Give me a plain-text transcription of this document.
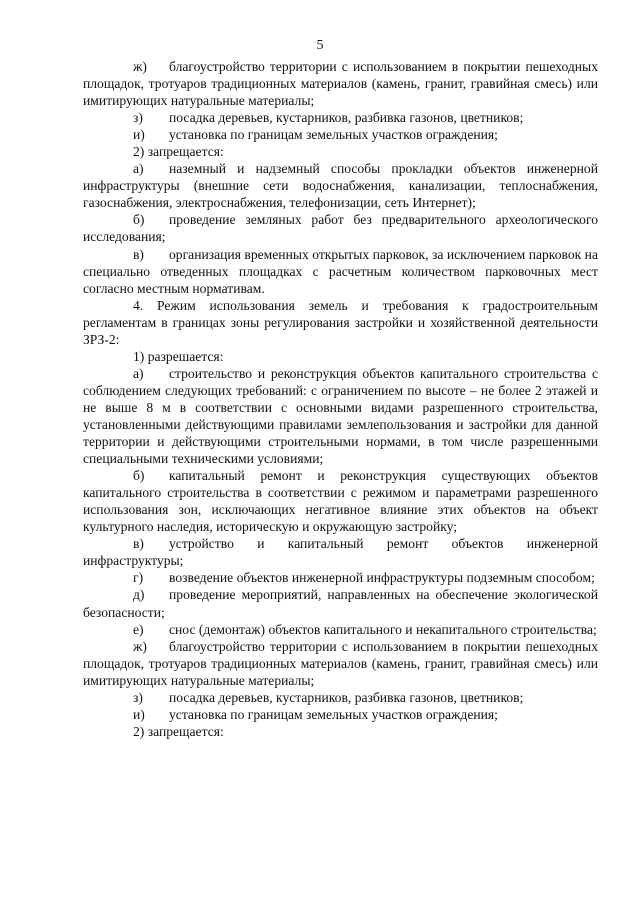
5

ж) благоустройство территории с использованием в покрытии пешеходных площадок, тротуаров традиционных материалов (камень, гранит, гравийная смесь) или имитирующих натуральные материалы;

з) посадка деревьев, кустарников, разбивка газонов, цветников;

и) установка по границам земельных участков ограждения;

2) запрещается:

а) наземный и надземный способы прокладки объектов инженерной инфраструктуры (внешние сети водоснабжения, канализации, теплоснабжения, газоснабжения, электроснабжения, телефонизации, сеть Интернет);

б) проведение земляных работ без предварительного археологического исследования;

в) организация временных открытых парковок, за исключением парковок на специально отведенных площадках с расчетным количеством парковочных мест согласно местным нормативам.

4. Режим использования земель и требования к градостроительным регламентам в границах зоны регулирования застройки и хозяйственной деятельности ЗРЗ-2:

1) разрешается:

а) строительство и реконструкция объектов капитального строительства с соблюдением следующих требований: с ограничением по высоте – не более 2 этажей и не выше 8 м в соответствии с основными видами разрешенного строительства, установленными действующими правилами землепользования и застройки для данной территории и действующими строительными нормами, в том числе разрешенными специальными техническими условиями;

б) капитальный ремонт и реконструкция существующих объектов капитального строительства в соответствии с режимом и параметрами разрешенного использования зон, исключающих негативное влияние этих объектов на объект культурного наследия, историческую и окружающую застройку;

в) устройство и капитальный ремонт объектов инженерной инфраструктуры;

г) возведение объектов инженерной инфраструктуры подземным способом;

д) проведение мероприятий, направленных на обеспечение экологической безопасности;

е) снос (демонтаж) объектов капитального и некапитального строительства;

ж) благоустройство территории с использованием в покрытии пешеходных площадок, тротуаров традиционных материалов (камень, гранит, гравийная смесь) или имитирующих натуральные материалы;

з) посадка деревьев, кустарников, разбивка газонов, цветников;

и) установка по границам земельных участков ограждения;

2) запрещается:
